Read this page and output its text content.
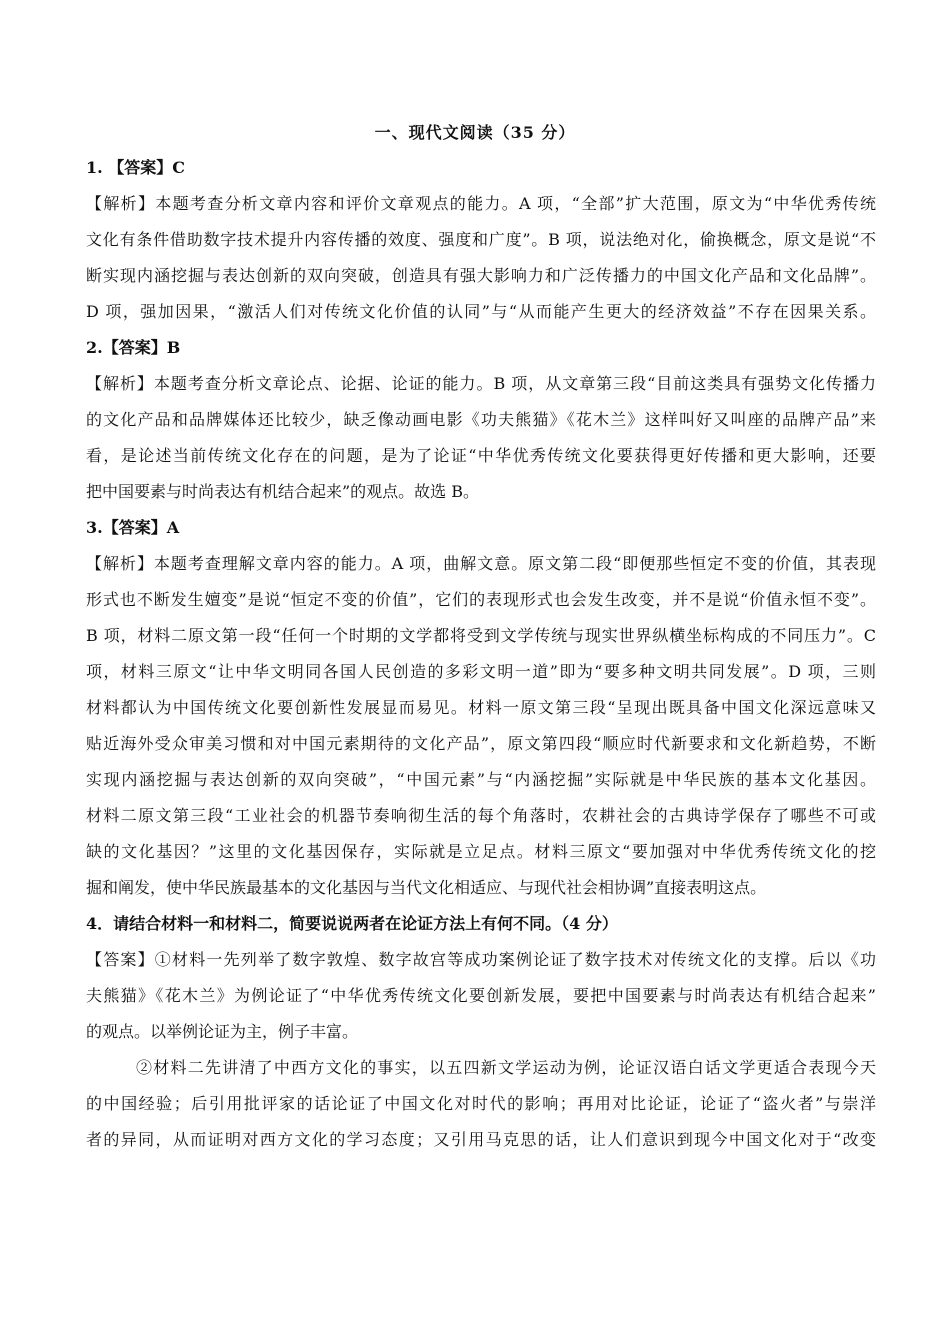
一、现代文阅读（35 分）
1. 【答案】C
【解析】本题考查分析文章内容和评价文章观点的能力。A 项，“全部”扩大范围，原文为“中华优秀传统
文化有条件借助数字技术提升内容传播的效度、强度和广度”。B 项，说法绝对化，偷换概念，原文是说“不
断实现内涵挖掘与表达创新的双向突破，创造具有强大影响力和广泛传播力的中国文化产品和文化品牌”。
D 项，强加因果，“激活人们对传统文化价值的认同”与“从而能产生更大的经济效益”不存在因果关系。
2.【答案】B
【解析】本题考查分析文章论点、论据、论证的能力。B 项，从文章第三段“目前这类具有强势文化传播力
的文化产品和品牌媒体还比较少，缺乏像动画电影《功夫熊猫》《花木兰》这样叫好又叫座的品牌产品”来
看，是论述当前传统文化存在的问题，是为了论证“中华优秀传统文化要获得更好传播和更大影响，还要
把中国要素与时尚表达有机结合起来”的观点。故选 B。
3.【答案】A
【解析】本题考查理解文章内容的能力。A 项，曲解文意。原文第二段“即便那些恒定不变的价值，其表现
形式也不断发生嬗变”是说“恒定不变的价值”，它们的表现形式也会发生改变，并不是说“价值永恒不变”。
B 项，材料二原文第一段“任何一个时期的文学都将受到文学传统与现实世界纵横坐标构成的不同压力”。C
项，材料三原文“让中华文明同各国人民创造的多彩文明一道”即为“要多种文明共同发展”。D 项，三则
材料都认为中国传统文化要创新性发展显而易见。材料一原文第三段“呈现出既具备中国文化深远意味又
贴近海外受众审美习惯和对中国元素期待的文化产品”，原文第四段“顺应时代新要求和文化新趋势，不断
实现内涵挖掘与表达创新的双向突破”，“中国元素”与“内涵挖掘”实际就是中华民族的基本文化基因。
材料二原文第三段“工业社会的机器节奏响彻生活的每个角落时，农耕社会的古典诗学保存了哪些不可或
缺的文化基因？”这里的文化基因保存，实际就是立足点。材料三原文“要加强对中华优秀传统文化的挖
掘和阐发，使中华民族最基本的文化基因与当代文化相适应、与现代社会相协调”直接表明这点。
4．请结合材料一和材料二，简要说说两者在论证方法上有何不同。（4 分）
【答案】①材料一先列举了数字敦煌、数字故宫等成功案例论证了数字技术对传统文化的支撑。后以《功
夫熊猫》《花木兰》为例论证了“中华优秀传统文化要创新发展，要把中国要素与时尚表达有机结合起来”
的观点。以举例论证为主，例子丰富。
②材料二先讲清了中西方文化的事实，以五四新文学运动为例，论证汉语白话文学更适合表现今天
的中国经验；后引用批评家的话论证了中国文化对时代的影响；再用对比论证，论证了“盗火者”与崇洋
者的异同，从而证明对西方文化的学习态度；又引用马克思的话，让人们意识到现今中国文化对于“改变
